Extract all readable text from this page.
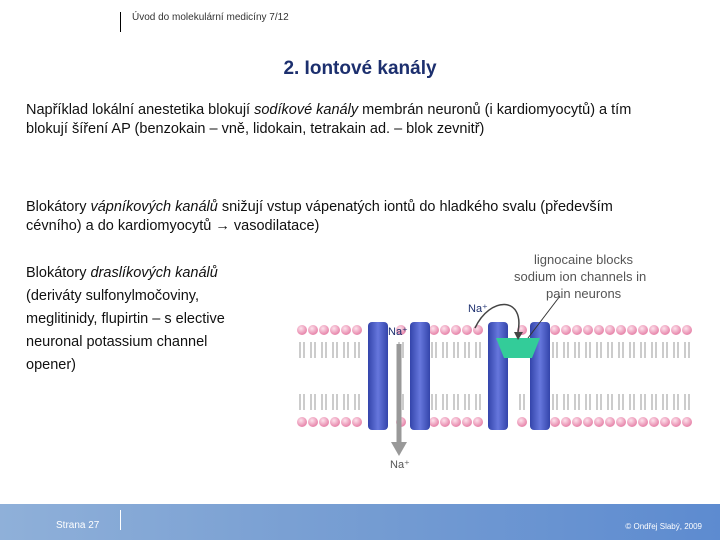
Úvod do molekulární medicíny 7/12
2. Iontové kanály
Například lokální anestetika blokují sodíkové kanály membrán neuronů (i kardiomyocytů) a tím blokují šíření AP (benzokain – vně, lidokain, tetrakain ad. – blok zevnitř)
Blokátory vápníkových kanálů snižují vstup vápenatých iontů do hladkého svalu (především cévního) a do kardiomyocytů → vasodilatace)
Blokátory draslíkových kanálů (deriváty sulfonylmočoviny, meglitinidy, flupirtin – s elective neuronal potassium channel opener)
Na⁺
Na⁺
Na⁺
lignocaine blocks
sodium ion channels in
pain neurons
Strana 27	© Ondřej Slabý, 2009
